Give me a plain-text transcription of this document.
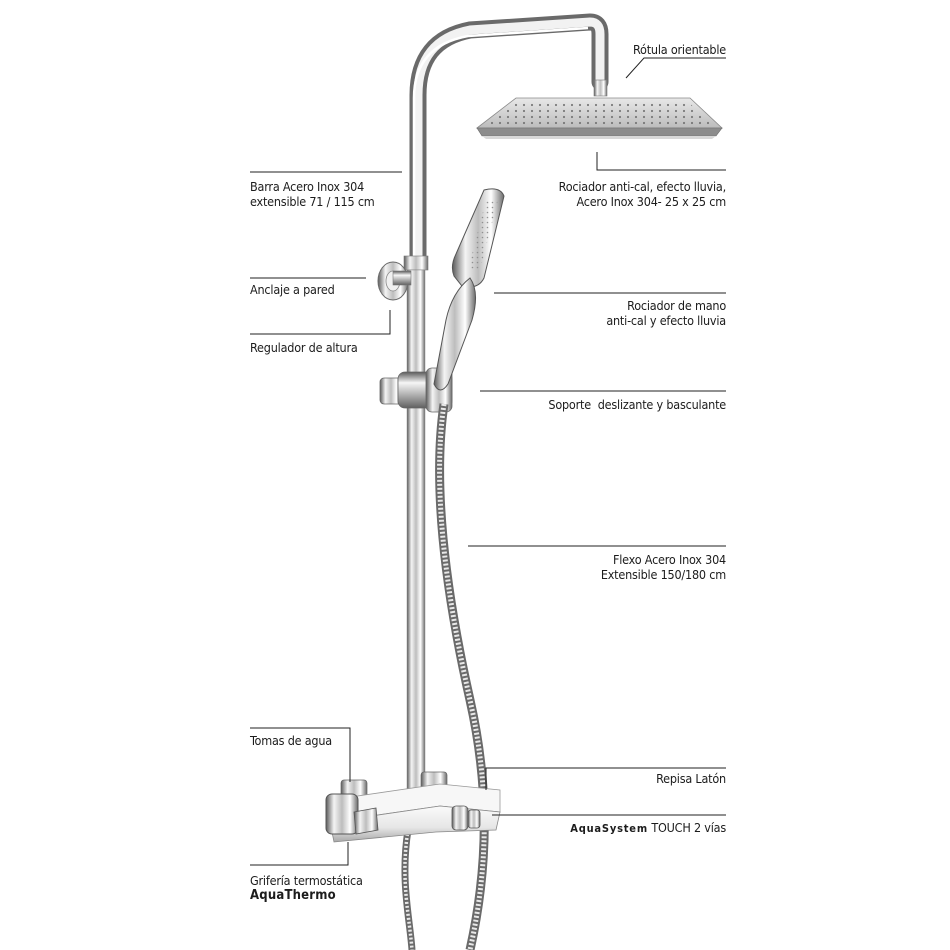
Rótula orientable
Rociador anti-cal, efecto lluvia,
Acero Inox 304- 25 x 25 cm
Barra Acero Inox 304
extensible 71 / 115 cm
Anclaje a pared
Regulador de altura
Rociador de mano
anti-cal y efecto lluvia
Soporte  deslizante y basculante
Flexo Acero Inox 304
Extensible 150/180 cm
Tomas de agua
Repisa Latón
AquaSystem TOUCH 2 vías
Grifería termostática
AquaThermo
